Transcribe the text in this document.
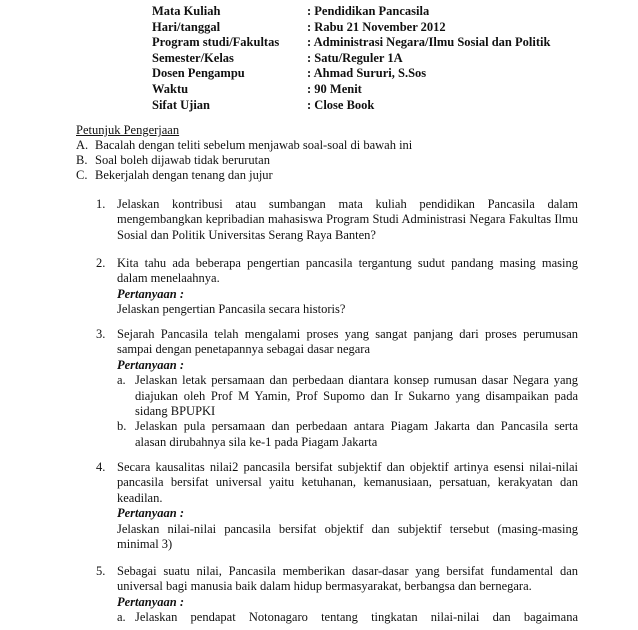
Mata Kuliah	: Pendidikan Pancasila
Hari/tanggal	: Rabu 21 November 2012
Program studi/Fakultas : Administrasi Negara/Ilmu Sosial dan Politik
Semester/Kelas	: Satu/Reguler 1A
Dosen Pengampu	: Ahmad Sururi, S.Sos
Waktu	: 90 Menit
Sifat Ujian	: Close Book
Petunjuk Pengerjaan
A. Bacalah dengan teliti sebelum menjawab soal-soal di bawah ini
B. Soal boleh dijawab tidak berurutan
C. Bekerjalah dengan tenang dan jujur
1. Jelaskan kontribusi atau sumbangan mata kuliah pendidikan Pancasila dalam mengembangkan kepribadian mahasiswa Program Studi Administrasi Negara Fakultas Ilmu Sosial dan Politik Universitas Serang Raya Banten?
2. Kita tahu ada beberapa pengertian pancasila tergantung sudut pandang masing masing dalam menelaahnya.
Pertanyaan :
Jelaskan pengertian Pancasila secara historis?
3. Sejarah Pancasila telah mengalami proses yang sangat panjang dari proses perumusan sampai dengan penetapannya sebagai dasar negara
Pertanyaan :
a. Jelaskan letak persamaan dan perbedaan diantara konsep rumusan dasar Negara yang diajukan oleh Prof M Yamin, Prof Supomo dan Ir Sukarno yang disampaikan pada sidang BPUPKI
b. Jelaskan pula persamaan dan perbedaan antara Piagam Jakarta dan Pancasila serta alasan dirubahnya sila ke-1 pada Piagam Jakarta
4. Secara kausalitas nilai2 pancasila bersifat subjektif dan objektif artinya esensi nilai-nilai pancasila bersifat universal yaitu ketuhanan, kemanusiaan, persatuan, kerakyatan dan keadilan.
Pertanyaan :
Jelaskan nilai-nilai pancasila bersifat objektif dan subjektif tersebut (masing-masing minimal 3)
5. Sebagai suatu nilai, Pancasila memberikan dasar-dasar yang bersifat fundamental dan universal bagi manusia baik dalam hidup bermasyarakat, berbangsa dan bernegara.
Pertanyaan :
a. Jelaskan pendapat Notonagaro tentang tingkatan nilai-nilai dan bagaimana
